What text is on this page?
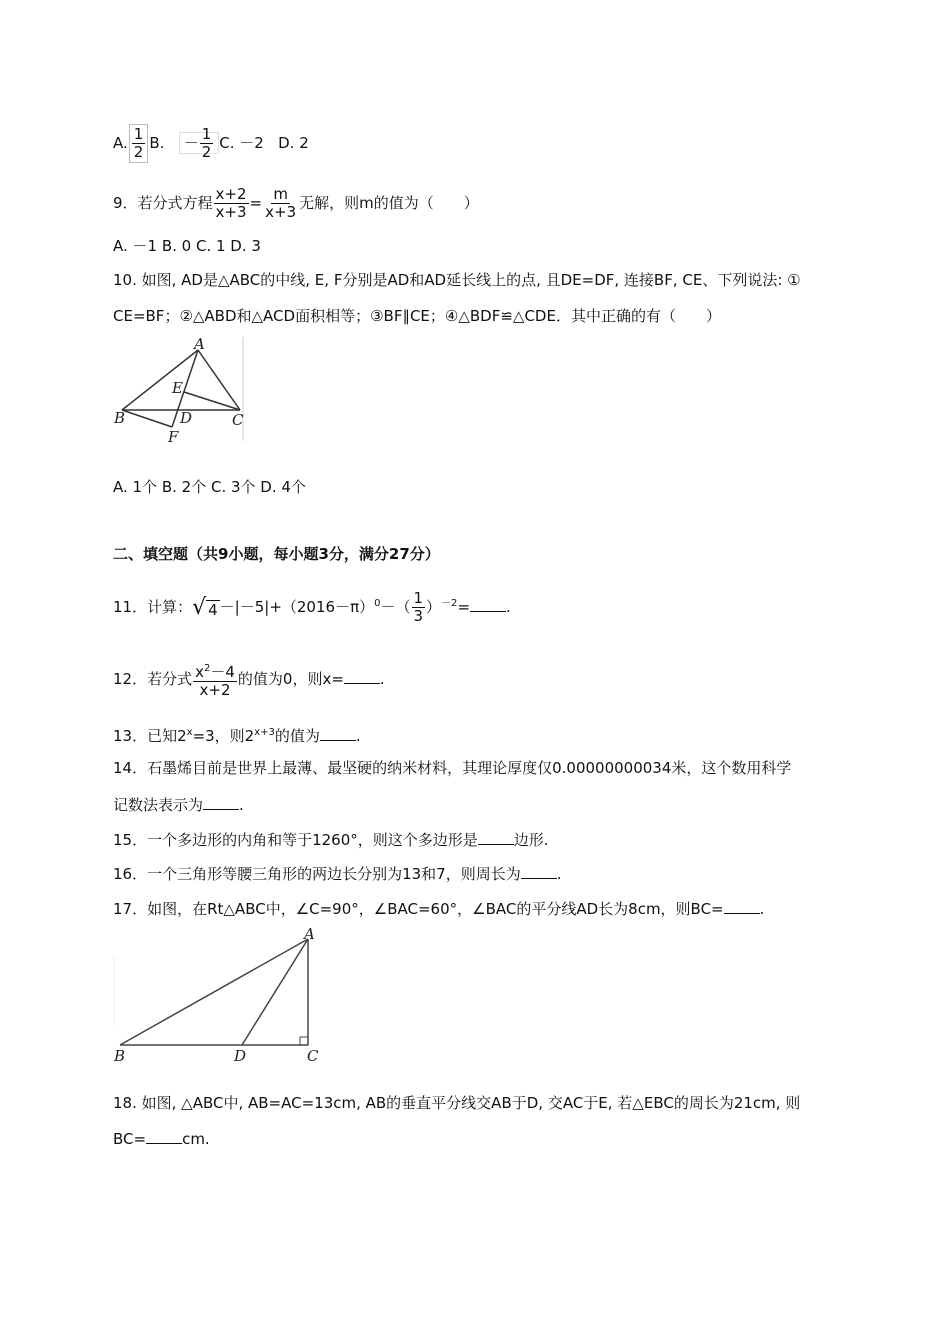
A. $\frac{1}{2} B$. － $\frac{1}{2} C$. －2 D. 2
9．若分式方程 $\frac{x+2}{x+3} = \frac{m}{x+3}$ 无解，则m的值为（　　）
A. －1 B. 0 C. 1 D. 3
10. 如图, AD是△ABC的中线, E, F分别是AD和AD延长线上的点, 且DE=DF, 连接BF, CE、下列说法: ①
CE=BF；②△ABD和△ACD面积相等；③BF∥CE；④△BDF≌△CDE．其中正确的有（　　）
A
B	C
D
E
F
A. 1个 B. 2个 C. 3个 D. 4个
二、填空题（共9小题，每小题3分，满分27分）
11．计算： √ $4 -|-5|+(2016-\pi)^0-( \frac{1}{3} )^{-2}=$ .
12．若分式 $\frac{x^2-4}{x+2}$ 的值为0，则x= .
13．已知$2^x=3$，则$2^{x+3}$的值为 .
14．石墨烯目前是世界上最薄、最坚硬的纳米材料，其理论厚度仅0.00000000034米，这个数用科学
记数法表示为 .
15．一个多边形的内角和等于1260°，则这个多边形是 边形.
16．一个三角形等腰三角形的两边长分别为13和7，则周长为 .
17．如图，在Rt△ABC中，∠C=90°，∠BAC=60°，∠BAC的平分线AD长为8cm，则BC= .
A
B	D	C
18. 如图, △ABC中, AB=AC=13cm, AB的垂直平分线交AB于D, 交AC于E, 若△EBC的周长为21cm, 则
BC= cm.
